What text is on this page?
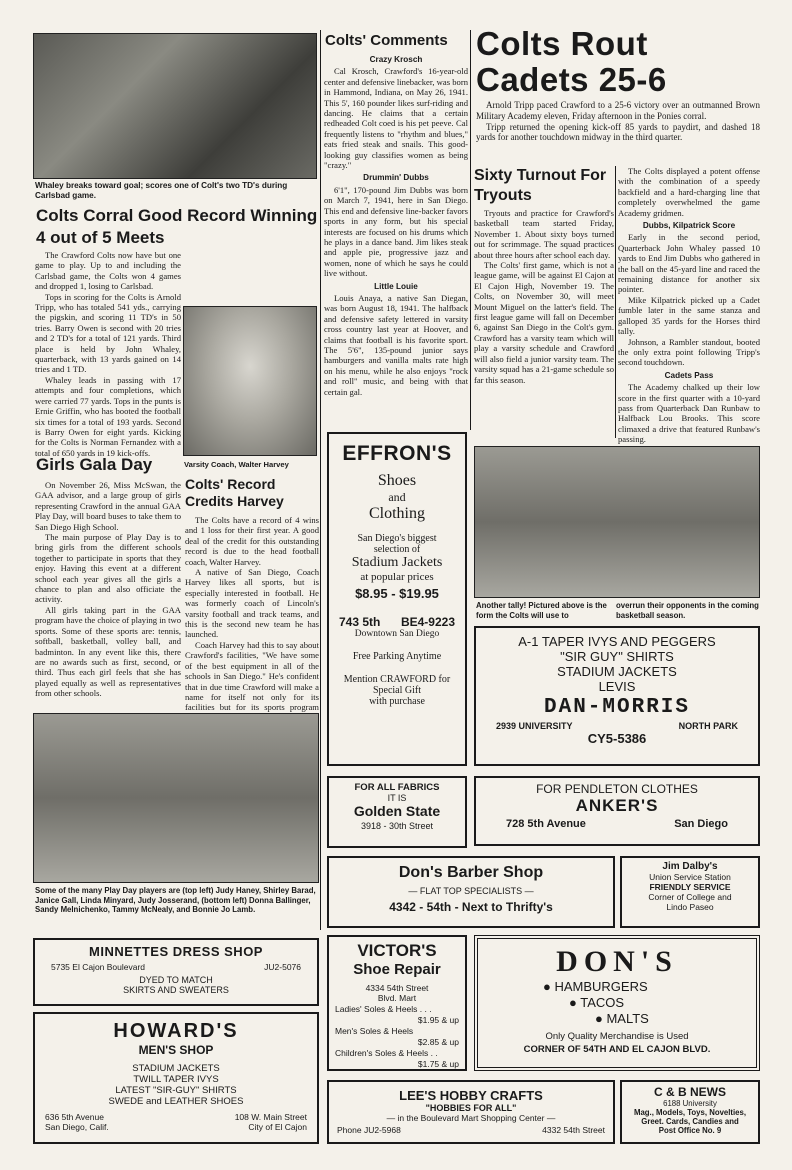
Whaley breaks toward goal; scores one of Colt's two TD's during Carlsbad game.
Colts Corral Good Record Winning 4 out of 5 Meets
The Crawford Colts now have but one game to play. Up to and including the Carlsbad game, the Colts won 4 games and dropped 1, losing to Carlsbad.
Tops in scoring for the Colts is Arnold Tripp, who has totaled 541 yds., carrying the pigskin, and scoring 11 TD's in 50 tries. Barry Owen is second with 20 tries and 2 TD's for a total of 121 yards. Third place is held by John Whaley, quarterback, with 13 yards gained on 14 tries and 1 TD.
Whaley leads in passing with 17 attempts and four completions, which were carried 77 yards. Tops in the punts is Ernie Griffin, who has booted the football six times for a total of 193 yards. Second is Barry Owen for eight yards. Kicking for the Colts is Norman Fernandez with a total of 650 yards in 19 kick-offs.
Varsity Coach, Walter Harvey
Girls Gala Day
On November 26, Miss McSwan, the GAA advisor, and a large group of girls representing Crawford in the annual GAA Play Day, will board buses to take them to San Diego High School.
The main purpose of Play Day is to bring girls from the different schools together to participate in sports that they enjoy. Having this event at a different school each year gives all the girls a chance to plan and also officiate the activity.
All girls taking part in the GAA program have the choice of playing in two sports. Some of these sports are: tennis, softball, basketball, volley ball, and badminton. In any event like this, there are no awards such as first, second, or third. Thus each girl feels that she has played equally as well as representatives from other schools.
Colts' Record Credits Harvey
The Colts have a record of 4 wins and 1 loss for their first year. A good deal of the credit for this outstanding record is due to the head football coach, Walter Harvey.
A native of San Diego, Coach Harvey likes all sports, but is especially interested in football. He was formerly coach of Lincoln's varsity football and track teams, and this is the second new team he has launched.
Coach Harvey had this to say about Crawford's facilities, "We have some of the best equipment in all of the schools in San Diego." He's confident that in due time Crawford will make a name for itself not only for its facilities but for its sports program
Some of the many Play Day players are (top left) Judy Haney, Shirley Barad, Janice Gall, Linda Minyard, Judy Josserand, (bottom left) Donna Ballinger, Sandy Melnichenko, Tammy McNealy, and Bonnie Jo Lamb.
MINNETTES DRESS SHOP
5735 El Cajon Boulevard	JU2-5076
DYED TO MATCH
SKIRTS AND SWEATERS
HOWARD'S
MEN'S SHOP
STADIUM JACKETS
TWILL TAPER IVYS
LATEST "SIR-GUY" SHIRTS
SWEDE and LEATHER SHOES
636 5th Avenue
San Diego, Calif.
108 W. Main Street
City of El Cajon
Colts' Comments
Crazy Krosch
Cal Krosch, Crawford's 16-year-old center and defensive linebacker, was born in Hammond, Indiana, on May 26, 1941. This 5', 160 pounder likes surf-riding and dancing. He claims that a certain redheaded Colt coed is his pet peeve. Cal frequently listens to "rhythm and blues," eats fried steak and snails. This good-looking guy classifies women as being "crazy."
Drummin' Dubbs
6'1", 170-pound Jim Dubbs was born on March 7, 1941, here in San Diego. This end and defensive line-backer favors sports in any form, but his special interests are focused on his drums which he plays in a dance band. Jim likes steak and apple pie, progressive jazz and women, none of which he says he could live without.
Little Louie
Louis Anaya, a native San Diegan, was born August 18, 1941. The halfback and defensive safety lettered in varsity cross country last year at Hoover, and claims that football is his favorite sport. The 5'6", 135-pound junior says hamburgers and vanilla malts rate high on his menu, while he also enjoys "rock and roll" music, and being with that certain gal.
EFFRON'S
Shoes
and
Clothing
San Diego's biggest
selection of
Stadium Jackets
at popular prices
$8.95 - $19.95
743 5th BE4-9223
Downtown San Diego
Free Parking Anytime
Mention CRAWFORD for
Special Gift
with purchase
FOR ALL FABRICS
IT IS
Golden State
3918 - 30th Street
VICTOR'S
Shoe Repair
4334 54th Street
Blvd. Mart
Ladies' Soles & Heels . . .
$1.95 & up
Men's Soles & Heels
$2.85 & up
Children's Soles & Heels . .
$1.75 & up
Colts Rout Cadets 25-6
Arnold Tripp paced Crawford to a 25-6 victory over an outmanned Brown Military Academy eleven, Friday afternoon in the Ponies corral.
Tripp returned the opening kick-off 85 yards to paydirt, and dashed 18 yards for another touchdown midway in the third quarter.
Sixty Turnout For Tryouts
Tryouts and practice for Crawford's basketball team started Friday, November 1. About sixty boys turned out for scrimmage. The squad practices about three hours after school each day.
The Colts' first game, which is not a league game, will be against El Cajon at El Cajon High, November 19. The Colts, on November 30, will meet Mount Miguel on the latter's field. The first league game will fall on December 6, against San Diego in the Colt's gym. Crawford has a varsity team which will play a varsity schedule and Crawford will also field a junior varsity team. The varsity squad has a 21-game schedule so far this season.
The Colts displayed a potent offense with the combination of a speedy backfield and a hard-charging line that completely overwhelmed the game Academy gridmen.
Dubbs, Kilpatrick Score
Early in the second period, Quarterback John Whaley passed 10 yards to End Jim Dubbs who gathered in the ball on the 45-yard line and raced the remaining distance for another six pointer.
Mike Kilpatrick picked up a Cadet fumble later in the same stanza and galloped 35 yards for the Horses third tally.
Johnson, a Rambler standout, booted the only extra point following Tripp's second touchdown.
Cadets Pass
The Academy chalked up their low score in the first quarter with a 10-yard pass from Quarterback Dan Runbaw to Halfback Lou Brooks. This score climaxed a drive that featured Runbaw's passing.
Another tally! Pictured above is the form the Colts will use to
overrun their opponents in the coming basketball season.
A-1 TAPER IVYS AND PEGGERS
"SIR GUY" SHIRTS
STADIUM JACKETS
LEVIS
DAN-MORRIS
2939 UNIVERSITY	NORTH PARK
CY5-5386
FOR PENDLETON CLOTHES
ANKER'S
728 5th Avenue	San Diego
Don's Barber Shop
— FLAT TOP SPECIALISTS —
4342 - 54th - Next to Thrifty's
Jim Dalby's
Union Service Station
FRIENDLY SERVICE
Corner of College and
Lindo Paseo
DON'S
● HAMBURGERS
● TACOS
● MALTS
Only Quality Merchandise is Used
CORNER OF 54TH AND EL CAJON BLVD.
LEE'S HOBBY CRAFTS
"HOBBIES FOR ALL"
— in the Boulevard Mart Shopping Center —
Phone JU2-5968	4332 54th Street
C & B NEWS
6188 University
Mag., Models, Toys, Novelties,
Greet. Cards, Candies and
Post Office No. 9
